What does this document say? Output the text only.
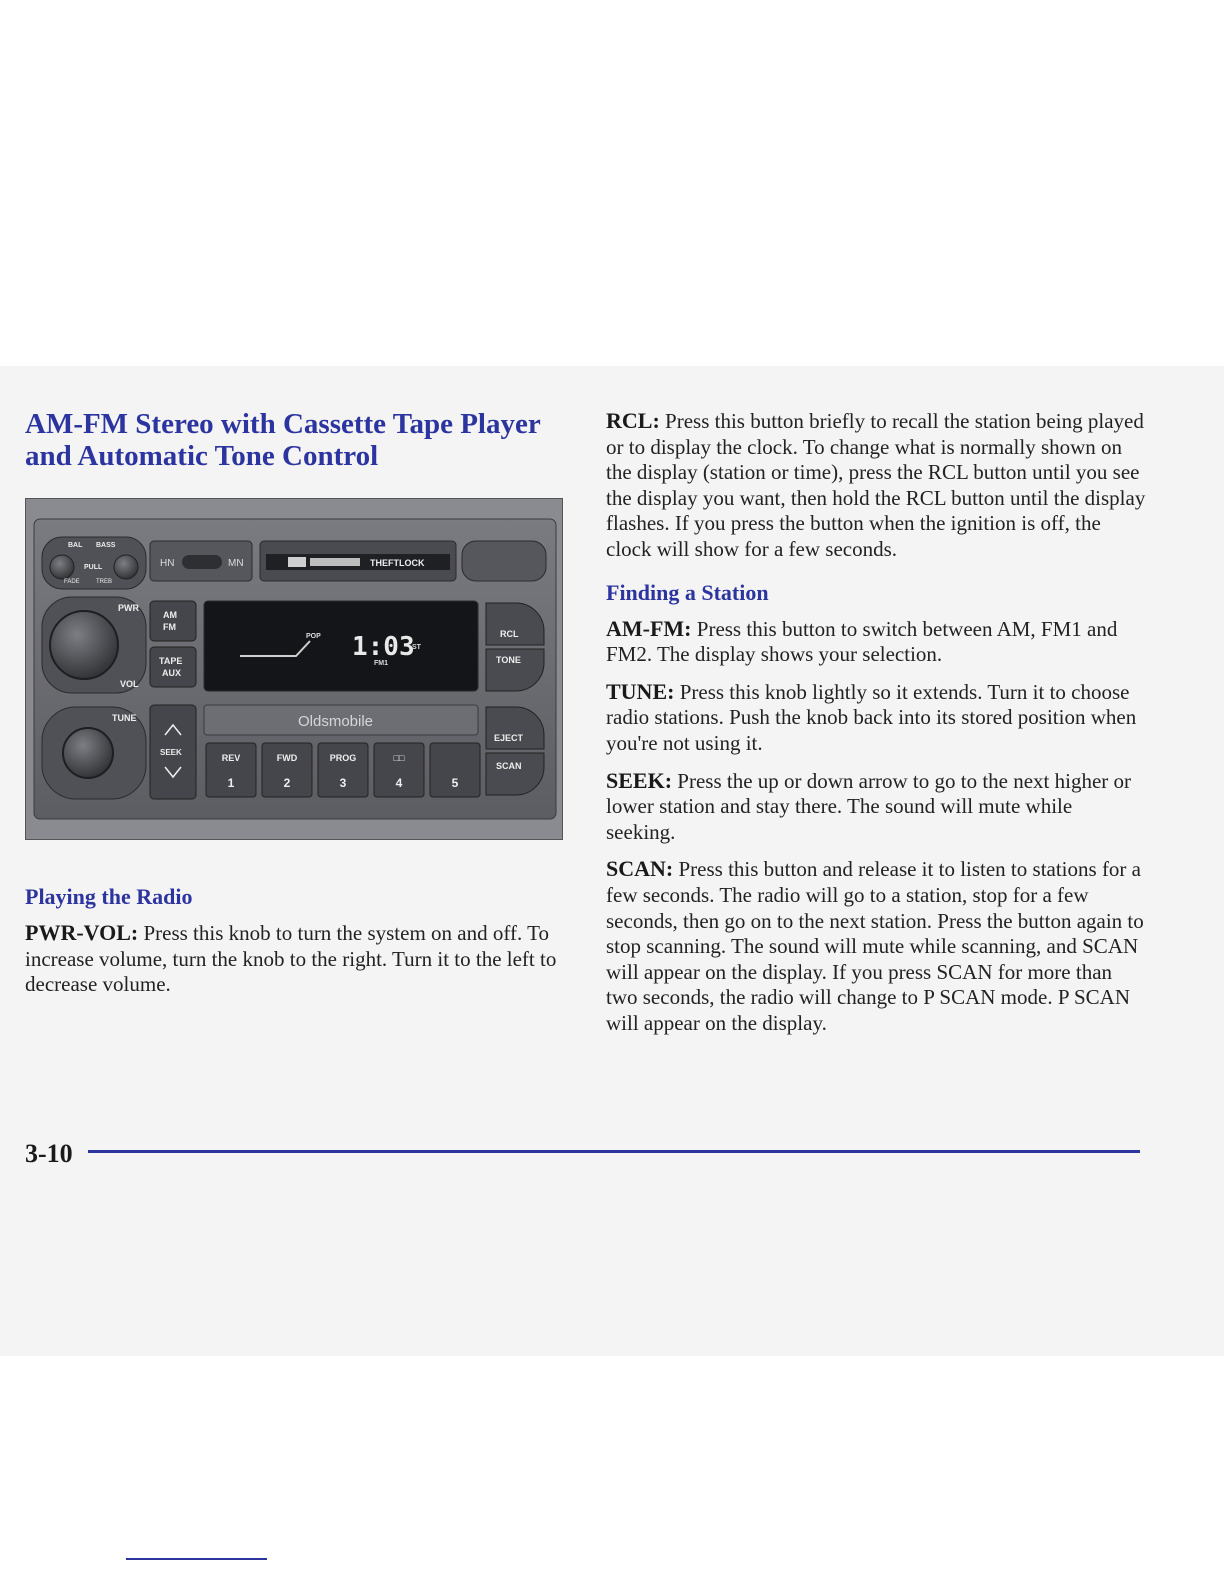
AM-FM Stereo with Cassette Tape Player
and Automatic Tone Control
BAL BASS
PULL
FADE	TREB
HN	MN	THEFTLOCK
PWR
VOL
AM
FM
TAPE
AUX
POP 1:03
ST
FM1
RCL
TONE
TUNE
SEEK
Oldsmobile
REV
1
FWD
2
PROG
3
□□
4	5
EJECT
SCAN
Playing the Radio

PWR-VOL: Press this knob to turn the system on and off. To increase volume, turn the knob to the right. Turn it to the left to decrease volume.

RCL: Press this button briefly to recall the station being played or to display the clock. To change what is normally shown on the display (station or time), press the RCL button until you see the display you want, then hold the RCL button until the display flashes. If you press the button when the ignition is off, the clock will show for a few seconds.

Finding a Station

AM-FM: Press this button to switch between AM, FM1 and FM2. The display shows your selection.

TUNE: Press this knob lightly so it extends. Turn it to choose radio stations. Push the knob back into its stored position when you're not using it.

SEEK: Press the up or down arrow to go to the next higher or lower station and stay there. The sound will mute while seeking.

SCAN: Press this button and release it to listen to stations for a few seconds. The radio will go to a station, stop for a few seconds, then go on to the next station. Press the button again to stop scanning. The sound will mute while scanning, and SCAN will appear on the display. If you press SCAN for more than two seconds, the radio will change to P SCAN mode. P SCAN will appear on the display.

3-10
